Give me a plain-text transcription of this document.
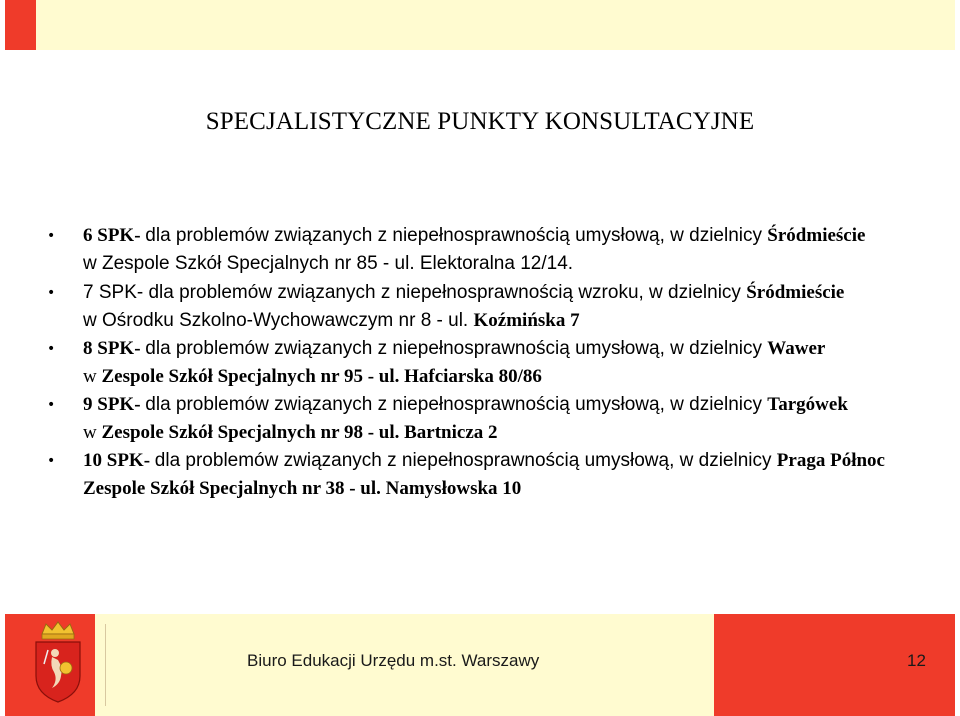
SPECJALISTYCZNE PUNKTY KONSULTACYJNE
• 6 SPK- dla problemów związanych z niepełnosprawnością umysłową, w dzielnicy Śródmieście
w Zespole Szkół Specjalnych nr 85 - ul. Elektoralna 12/14.
• 7 SPK- dla problemów związanych z niepełnosprawnością wzroku, w dzielnicy Śródmieście
w Ośrodku Szkolno-Wychowawczym nr 8 - ul. Koźmińska 7
• 8 SPK- dla problemów związanych z niepełnosprawnością umysłową, w dzielnicy Wawer
w Zespole Szkół Specjalnych nr 95 - ul. Hafciarska 80/86
• 9 SPK- dla problemów związanych z niepełnosprawnością umysłową, w dzielnicy Targówek
w Zespole Szkół Specjalnych nr 98 - ul. Bartnicza 2
• 10 SPK- dla problemów związanych z niepełnosprawnością umysłową, w dzielnicy Praga Północ
Zespole Szkół Specjalnych nr 38 - ul. Namysłowska 10
Biuro Edukacji Urzędu m.st. Warszawy	12
